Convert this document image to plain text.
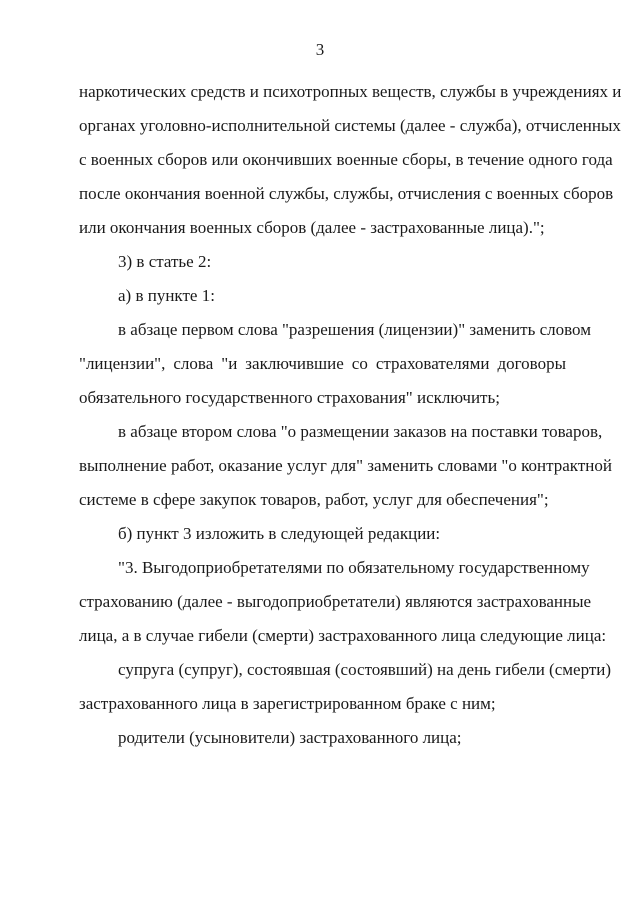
3
наркотических средств и психотропных веществ, службы в учреждениях и
органах уголовно-исполнительной системы (далее - служба), отчисленных
с военных сборов или окончивших военные сборы, в течение одного года
после окончания военной службы, службы, отчисления с военных сборов
или окончания военных сборов (далее - застрахованные лица).";
3) в статье 2:
а) в пункте 1:
в абзаце первом слова "разрешения (лицензии)" заменить словом
"лицензии", слова "и заключившие со страхователями договоры
обязательного государственного страхования" исключить;
в абзаце втором слова "о размещении заказов на поставки товаров,
выполнение работ, оказание услуг для" заменить словами "о контрактной
системе в сфере закупок товаров, работ, услуг для обеспечения";
б) пункт 3 изложить в следующей редакции:
"3. Выгодоприобретателями по обязательному государственному
страхованию (далее - выгодоприобретатели) являются застрахованные
лица, а в случае гибели (смерти) застрахованного лица следующие лица:
супруга (супруг), состоявшая (состоявший) на день гибели (смерти)
застрахованного лица в зарегистрированном браке с ним;
родители (усыновители) застрахованного лица;
